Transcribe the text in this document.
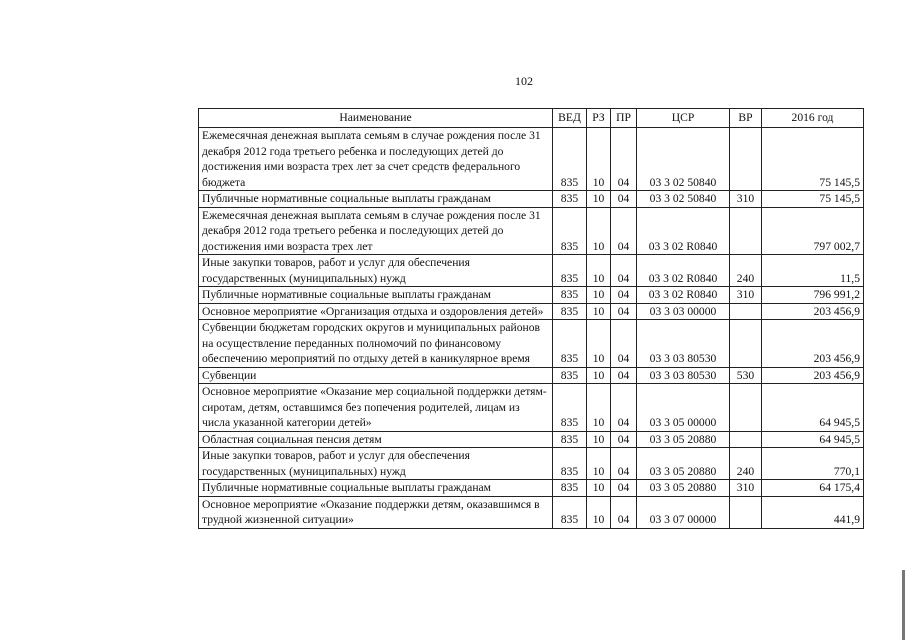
102
Наименование	ВЕД	РЗ	ПР	ЦСР	ВР	2016 год
Ежемесячная денежная выплата семьям в случае рождения после 31 декабря 2012 года третьего ребенка и последующих детей до достижения ими возраста трех лет за счет средств федерального бюджета	835	10	04	03 3 02 50840		75 145,5
Публичные нормативные социальные выплаты гражданам	835	10	04	03 3 02 50840	310	75 145,5
Ежемесячная денежная выплата семьям в случае рождения после 31 декабря 2012 года третьего ребенка и последующих детей до достижения ими возраста трех лет	835	10	04	03 3 02 R0840		797 002,7
Иные закупки товаров, работ и услуг для обеспечения государственных (муниципальных) нужд	835	10	04	03 3 02 R0840	240	11,5
Публичные нормативные социальные выплаты гражданам	835	10	04	03 3 02 R0840	310	796 991,2
Основное мероприятие «Организация отдыха и оздоровления детей»	835	10	04	03 3 03 00000		203 456,9
Субвенции бюджетам городских округов и муниципальных районов на осуществление переданных полномочий по финансовому обеспечению мероприятий по отдыху детей в каникулярное время	835	10	04	03 3 03 80530		203 456,9
Субвенции	835	10	04	03 3 03 80530	530	203 456,9
Основное мероприятие «Оказание мер социальной поддержки детям-сиротам, детям, оставшимся без попечения родителей, лицам из числа указанной категории детей»	835	10	04	03 3 05 00000		64 945,5
Областная социальная пенсия детям	835	10	04	03 3 05 20880		64 945,5
Иные закупки товаров, работ и услуг для обеспечения государственных (муниципальных) нужд	835	10	04	03 3 05 20880	240	770,1
Публичные нормативные социальные выплаты гражданам	835	10	04	03 3 05 20880	310	64 175,4
Основное мероприятие «Оказание поддержки детям, оказавшимся в трудной жизненной ситуации»	835	10	04	03 3 07 00000		441,9
